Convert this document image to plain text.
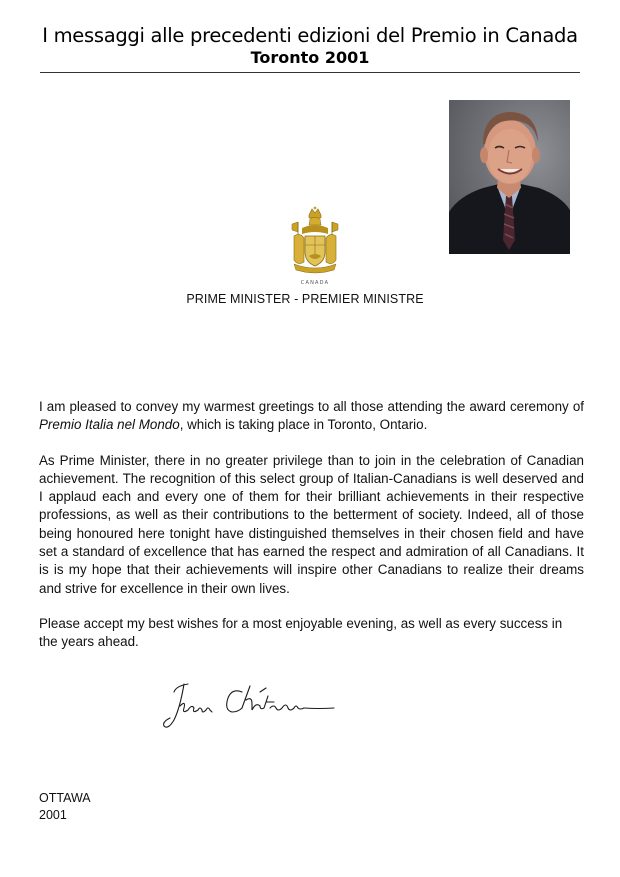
I messaggi alle precedenti edizioni del Premio in Canada
Toronto 2001
CANADA
PRIME MINISTER - PREMIER MINISTRE

I am pleased to convey my warmest greetings to all those attending the award ceremony of Premio Italia nel Mondo, which is taking place in Toronto, Ontario.

As Prime Minister, there in no greater privilege than to join in the celebration of Canadian achievement. The recognition of this select group of Italian-Canadians is well deserved and I applaud each and every one of them for their brilliant achievements in their respective professions, as well as their contributions to the betterment of society. Indeed, all of those being honoured here tonight have distinguished themselves in their chosen field and have set a standard of excellence that has earned the respect and admiration of all Canadians. It is is my hope that their achievements will inspire other Canadians to realize their dreams and strive for excellence in their own lives.

Please accept my best wishes for a most enjoyable evening, as well as every success in the years ahead.

OTTAWA
2001
